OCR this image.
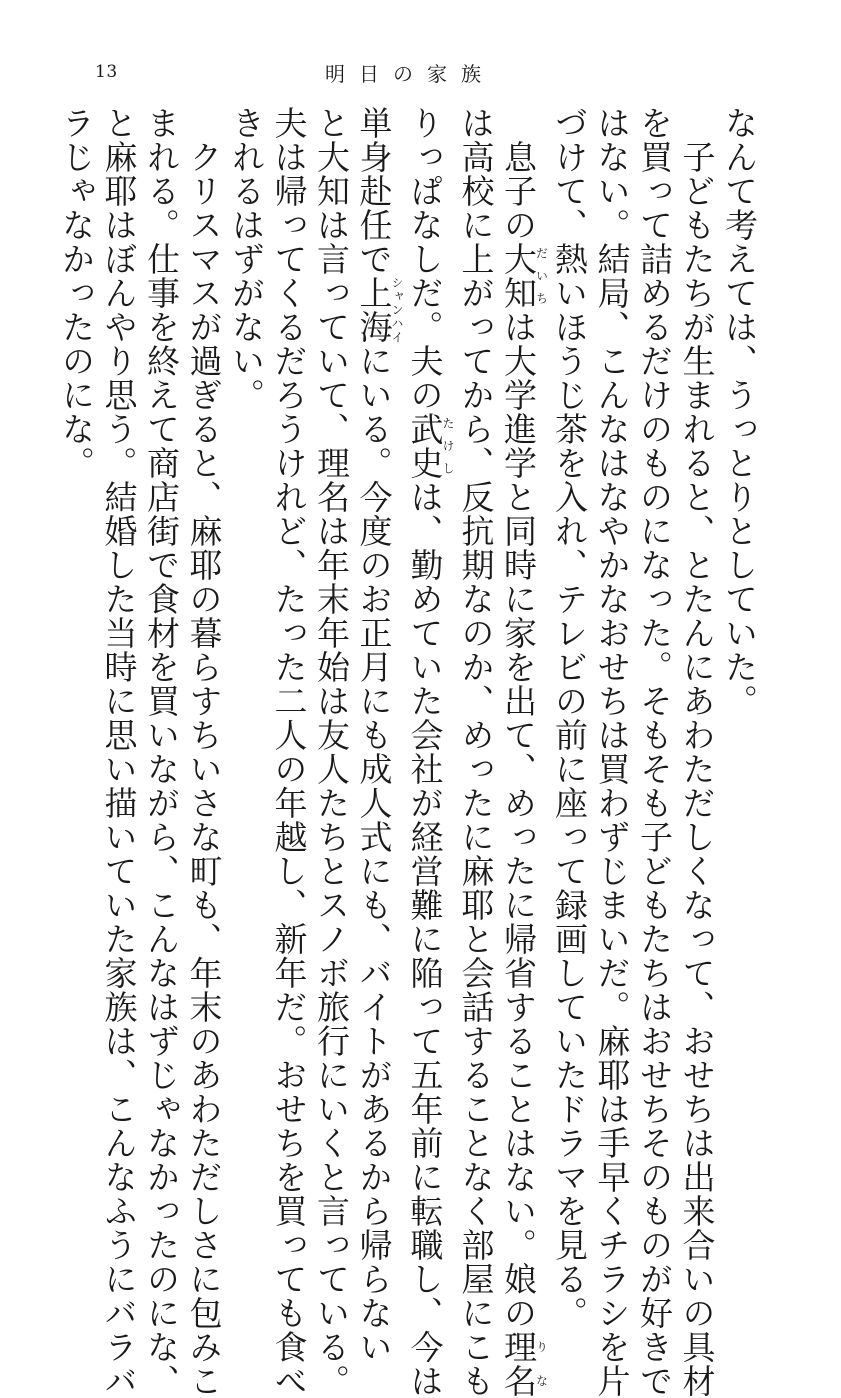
13	明日の家族
なんて考えては、うっとりとしていた。
　子どもたちが生まれると、とたんにあわただしくなって、おせちは出来合いの具材
を買って詰めるだけのものになった。そもそも子どもたちはおせちそのものが好きで
はない。結局、こんなはなやかなおせちは買わずじまいだ。麻耶は手早くチラシを片
づけて、熱いほうじ茶を入れ、テレビの前に座って録画していたドラマを見る。
　息子の大知だいちは大学進学と同時に家を出て、めったに帰省することはない。娘の理名りな
は高校に上がってから、反抗期なのか、めったに麻耶と会話することなく部屋にこも
りっぱなしだ。夫の武史たけしは、勤めていた会社が経営難に陥って五年前に転職し、今は
単身赴任で上海シャンハイにいる。今度のお正月にも成人式にも、バイトがあるから帰らない
と大知は言っていて、理名は年末年始は友人たちとスノボ旅行にいくと言っている。
夫は帰ってくるだろうけれど、たった二人の年越し、新年だ。おせちを買っても食べ
きれるはずがない。
　クリスマスが過ぎると、麻耶の暮らすちいさな町も、年末のあわただしさに包みこ
まれる。仕事を終えて商店街で食材を買いながら、こんなはずじゃなかったのにな、
と麻耶はぼんやり思う。結婚した当時に思い描いていた家族は、こんなふうにバラバ
ラじゃなかったのにな。
